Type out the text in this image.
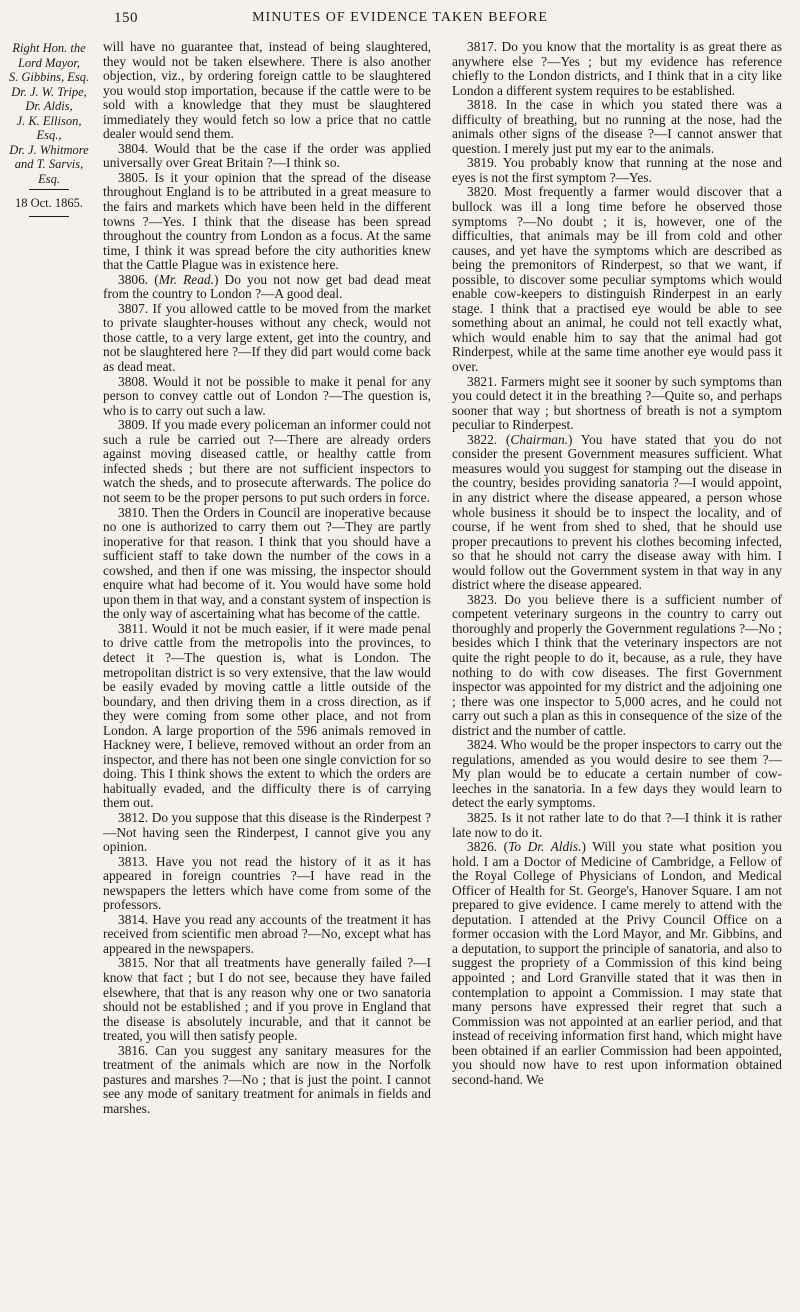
150	MINUTES OF EVIDENCE TAKEN BEFORE
Right Hon. the
Lord Mayor,
S. Gibbins, Esq.
Dr. J. W. Tripe,
Dr. Aldis,
J. K. Ellison,
Esq.,
Dr. J. Whitmore
and T. Sarvis,
Esq.
18 Oct. 1865.

will have no guarantee that, instead of being slaughtered, they would not be taken elsewhere. There is also another objection, viz., by ordering foreign cattle to be slaughtered you would stop importation, because if the cattle were to be sold with a knowledge that they must be slaughtered immediately they would fetch so low a price that no cattle dealer would send them.

3804. Would that be the case if the order was applied universally over Great Britain ?—I think so.

3805. Is it your opinion that the spread of the disease throughout England is to be attributed in a great measure to the fairs and markets which have been held in the different towns ?—Yes. I think that the disease has been spread throughout the country from London as a focus. At the same time, I think it was spread before the city authorities knew that the Cattle Plague was in existence here.

3806. (Mr. Read.) Do you not now get bad dead meat from the country to London ?—A good deal.

3807. If you allowed cattle to be moved from the market to private slaughter-houses without any check, would not those cattle, to a very large extent, get into the country, and not be slaughtered here ?—If they did part would come back as dead meat.

3808. Would it not be possible to make it penal for any person to convey cattle out of London ?—The question is, who is to carry out such a law.

3809. If you made every policeman an informer could not such a rule be carried out ?—There are already orders against moving diseased cattle, or healthy cattle from infected sheds ; but there are not sufficient inspectors to watch the sheds, and to prosecute afterwards. The police do not seem to be the proper persons to put such orders in force.

3810. Then the Orders in Council are inoperative because no one is authorized to carry them out ?—They are partly inoperative for that reason. I think that you should have a sufficient staff to take down the number of the cows in a cowshed, and then if one was missing, the inspector should enquire what had become of it. You would have some hold upon them in that way, and a constant system of inspection is the only way of ascertaining what has become of the cattle.

3811. Would it not be much easier, if it were made penal to drive cattle from the metropolis into the provinces, to detect it ?—The question is, what is London. The metropolitan district is so very extensive, that the law would be easily evaded by moving cattle a little outside of the boundary, and then driving them in a cross direction, as if they were coming from some other place, and not from London. A large proportion of the 596 animals removed in Hackney were, I believe, removed without an order from an inspector, and there has not been one single conviction for so doing. This I think shows the extent to which the orders are habitually evaded, and the difficulty there is of carrying them out.

3812. Do you suppose that this disease is the Rinderpest ?—Not having seen the Rinderpest, I cannot give you any opinion.

3813. Have you not read the history of it as it has appeared in foreign countries ?—I have read in the newspapers the letters which have come from some of the professors.

3814. Have you read any accounts of the treatment it has received from scientific men abroad ?—No, except what has appeared in the newspapers.

3815. Nor that all treatments have generally failed ?—I know that fact ; but I do not see, because they have failed elsewhere, that that is any reason why one or two sanatoria should not be established ; and if you prove in England that the disease is absolutely incurable, and that it cannot be treated, you will then satisfy people.

3816. Can you suggest any sanitary measures for the treatment of the animals which are now in the Norfolk pastures and marshes ?—No ; that is just the point. I cannot see any mode of sanitary treatment for animals in fields and marshes.

3817. Do you know that the mortality is as great there as anywhere else ?—Yes ; but my evidence has reference chiefly to the London districts, and I think that in a city like London a different system requires to be established.

3818. In the case in which you stated there was a difficulty of breathing, but no running at the nose, had the animals other signs of the disease ?—I cannot answer that question. I merely just put my ear to the animals.

3819. You probably know that running at the nose and eyes is not the first symptom ?—Yes.

3820. Most frequently a farmer would discover that a bullock was ill a long time before he observed those symptoms ?—No doubt ; it is, however, one of the difficulties, that animals may be ill from cold and other causes, and yet have the symptoms which are described as being the premonitors of Rinderpest, so that we want, if possible, to discover some peculiar symptoms which would enable cow-keepers to distinguish Rinderpest in an early stage. I think that a practised eye would be able to see something about an animal, he could not tell exactly what, which would enable him to say that the animal had got Rinderpest, while at the same time another eye would pass it over.

3821. Farmers might see it sooner by such symptoms than you could detect it in the breathing ?—Quite so, and perhaps sooner that way ; but shortness of breath is not a symptom peculiar to Rinderpest.

3822. (Chairman.) You have stated that you do not consider the present Government measures sufficient. What measures would you suggest for stamping out the disease in the country, besides providing sanatoria ?—I would appoint, in any district where the disease appeared, a person whose whole business it should be to inspect the locality, and of course, if he went from shed to shed, that he should use proper precautions to prevent his clothes becoming infected, so that he should not carry the disease away with him. I would follow out the Government system in that way in any district where the disease appeared.

3823. Do you believe there is a sufficient number of competent veterinary surgeons in the country to carry out thoroughly and properly the Government regulations ?—No ; besides which I think that the veterinary inspectors are not quite the right people to do it, because, as a rule, they have nothing to do with cow diseases. The first Government inspector was appointed for my district and the adjoining one ; there was one inspector to 5,000 acres, and he could not carry out such a plan as this in consequence of the size of the district and the number of cattle.

3824. Who would be the proper inspectors to carry out the regulations, amended as you would desire to see them ?—My plan would be to educate a certain number of cow-leeches in the sanatoria. In a few days they would learn to detect the early symptoms.

3825. Is it not rather late to do that ?—I think it is rather late now to do it.

3826. (To Dr. Aldis.) Will you state what position you hold. I am a Doctor of Medicine of Cambridge, a Fellow of the Royal College of Physicians of London, and Medical Officer of Health for St. George's, Hanover Square. I am not prepared to give evidence. I came merely to attend with the deputation. I attended at the Privy Council Office on a former occasion with the Lord Mayor, and Mr. Gibbins, and a deputation, to support the principle of sanatoria, and also to suggest the propriety of a Commission of this kind being appointed ; and Lord Granville stated that it was then in contemplation to appoint a Commission. I may state that many persons have expressed their regret that such a Commission was not appointed at an earlier period, and that instead of receiving information first hand, which might have been obtained if an earlier Commission had been appointed, you should now have to rest upon information obtained second-hand. We
